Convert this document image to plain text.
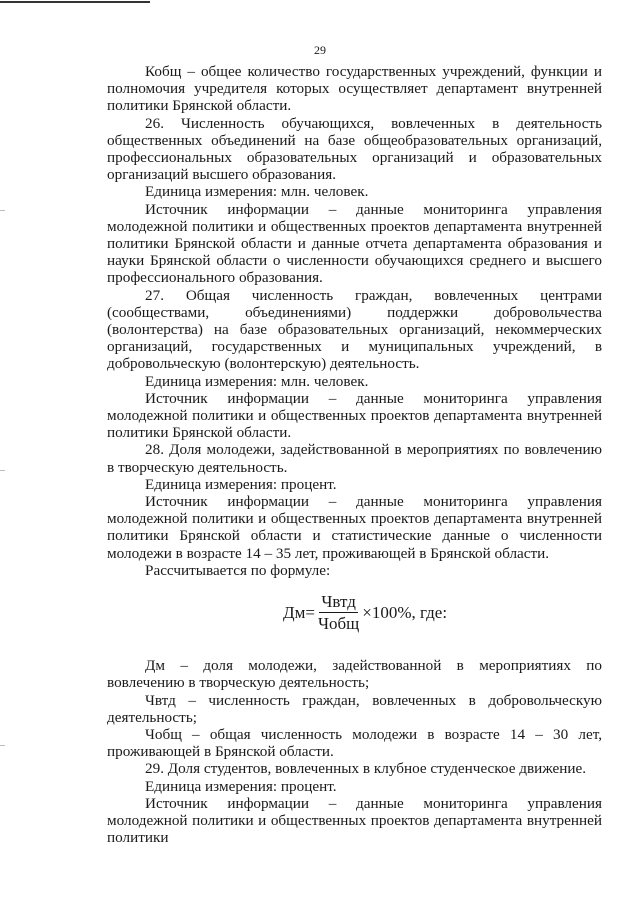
29

Кобщ – общее количество государственных учреждений, функции и полномочия учредителя которых осуществляет департамент внутренней политики Брянской области.

26. Численность обучающихся, вовлеченных в деятельность общественных объединений на базе общеобразовательных организаций, профессиональных образовательных организаций и образовательных организаций высшего образования.

Единица измерения: млн. человек.

Источник информации – данные мониторинга управления молодежной политики и общественных проектов департамента внутренней политики Брянской области и данные отчета департамента образования и науки Брянской области о численности обучающихся среднего и высшего профессионального образования.

27. Общая численность граждан, вовлеченных центрами (сообществами, объединениями) поддержки добровольчества (волонтерства) на базе образовательных организаций, некоммерческих организаций, государственных и муниципальных учреждений, в добровольческую (волонтерскую) деятельность.

Единица измерения: млн. человек.

Источник информации – данные мониторинга управления молодежной политики и общественных проектов департамента внутренней политики Брянской области.

28. Доля молодежи, задействованной в мероприятиях по вовлечению в творческую деятельность.

Единица измерения: процент.

Источник информации – данные мониторинга управления молодежной политики и общественных проектов департамента внутренней политики Брянской области и статистические данные о численности молодежи в возрасте 14 – 35 лет, проживающей в Брянской области.

Рассчитывается по формуле:

$Дм= \frac{\text{Чвтд}}{\text{Чобщ}} \times 100\%$, где:

Дм – доля молодежи, задействованной в мероприятиях по вовлечению в творческую деятельность;

Чвтд – численность граждан, вовлеченных в добровольческую деятельность;

Чобщ – общая численность молодежи в возрасте 14 – 30 лет, проживающей в Брянской области.

29. Доля студентов, вовлеченных в клубное студенческое движение.

Единица измерения: процент.

Источник информации – данные мониторинга управления молодежной политики и общественных проектов департамента внутренней политики
